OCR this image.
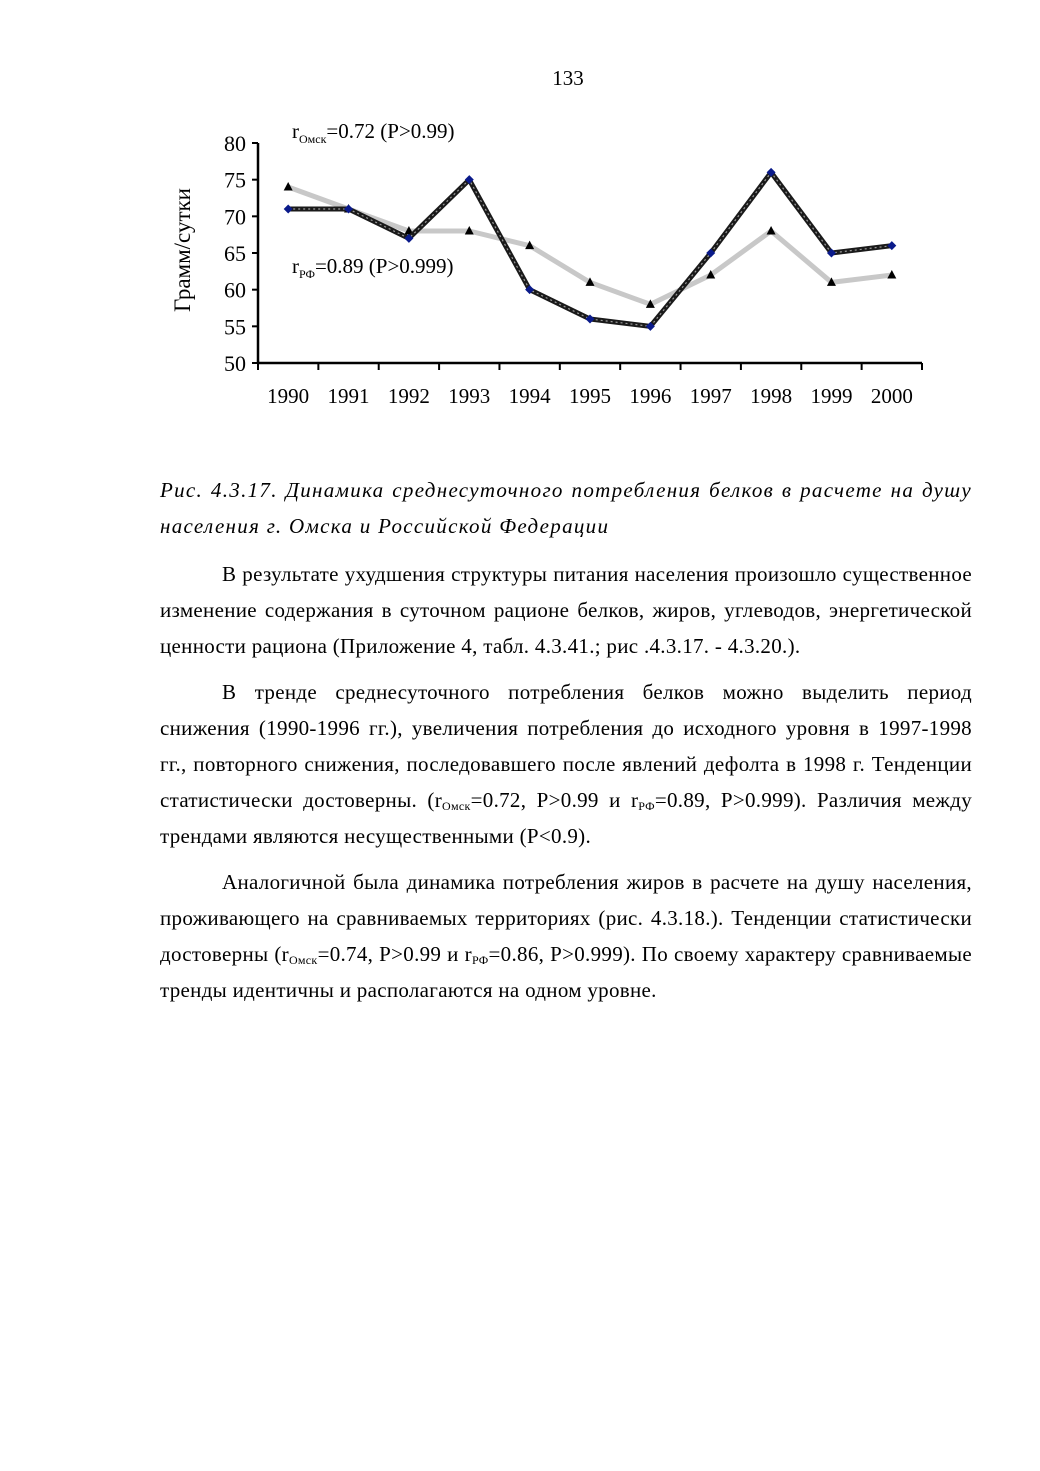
133
Грамм/сутки
50
55
60
65
70
75
80
1990 1991 1992 1993 1994 1995 1996 1997 1998 1999 2000
$r_{Омск}=0.72$ (P>0.99)
$r_{РФ}=0.89$ (P>0.999)
Рис. 4.3.17. Динамика среднесуточного потребления белков в расчете на душу населения г. Омска и Российской Федерации

В результате ухудшения структуры питания населения произошло существенное изменение содержания в суточном рационе белков, жиров, углеводов, энергетической ценности рациона (Приложение 4, табл. 4.3.41.; рис .4.3.17. - 4.3.20.).

В тренде среднесуточного потребления белков можно выделить период снижения (1990-1996 гг.), увеличения потребления до исходного уровня в 1997-1998 гг., повторного снижения, последовавшего после явлений дефолта в 1998 г. Тенденции статистически достоверны. ($r_{Омск}=0.72$, P>0.99 и $r_{РФ}=0.89$, P>0.999). Различия между трендами являются несущественными (P<0.9).

Аналогичной была динамика потребления жиров в расчете на душу населения, проживающего на сравниваемых территориях (рис. 4.3.18.). Тенденции статистически достоверны ($r_{Омск}=0.74$, P>0.99 и $r_{РФ}=0.86$, P>0.999). По своему характеру сравниваемые тренды идентичны и располагаются на одном уровне.
